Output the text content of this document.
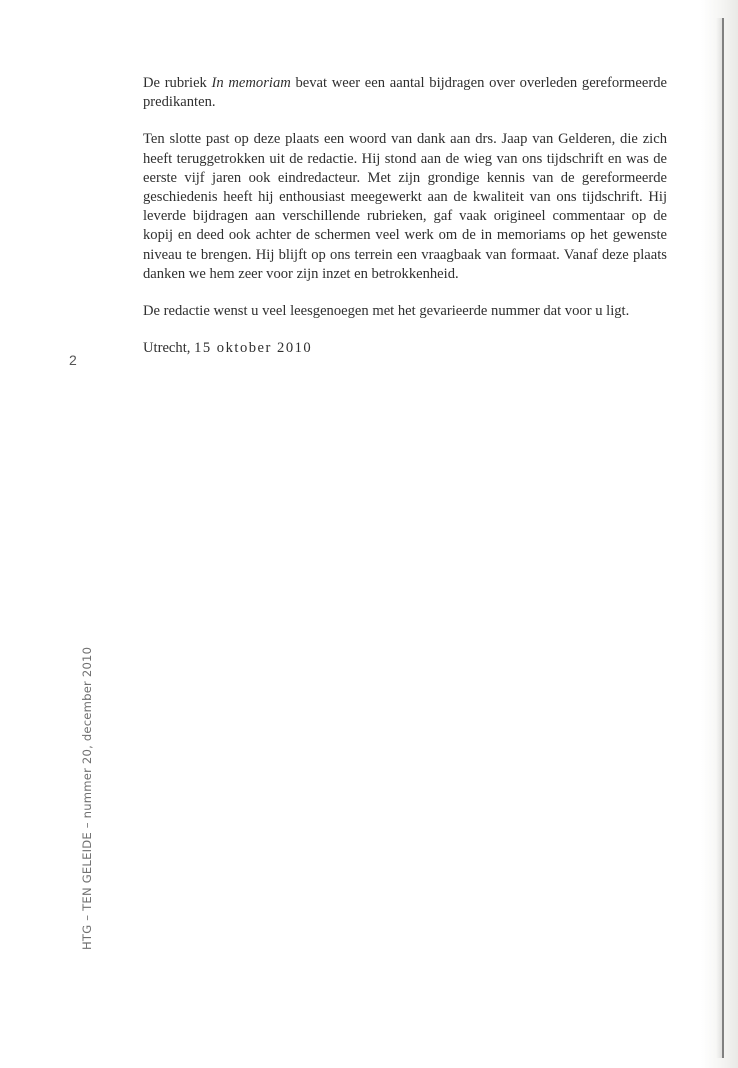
De rubriek In memoriam bevat weer een aantal bijdragen over overleden gereformeerde predikanten.

Ten slotte past op deze plaats een woord van dank aan drs. Jaap van Gelderen, die zich heeft teruggetrokken uit de redactie. Hij stond aan de wieg van ons tijdschrift en was de eerste vijf jaren ook eindredacteur. Met zijn grondige kennis van de gereformeerde geschiedenis heeft hij enthousiast meegewerkt aan de kwaliteit van ons tijdschrift. Hij leverde bijdragen aan verschillende rubrieken, gaf vaak origineel commentaar op de kopij en deed ook achter de schermen veel werk om de in memoriams op het gewenste niveau te brengen. Hij blijft op ons terrein een vraagbaak van formaat. Vanaf deze plaats danken we hem zeer voor zijn inzet en betrokkenheid.

De redactie wenst u veel leesgenoegen met het gevarieerde nummer dat voor u ligt.

Utrecht, 15 oktober 2010

2
HTG – TEN GELEIDE – nummer 20, december 2010
